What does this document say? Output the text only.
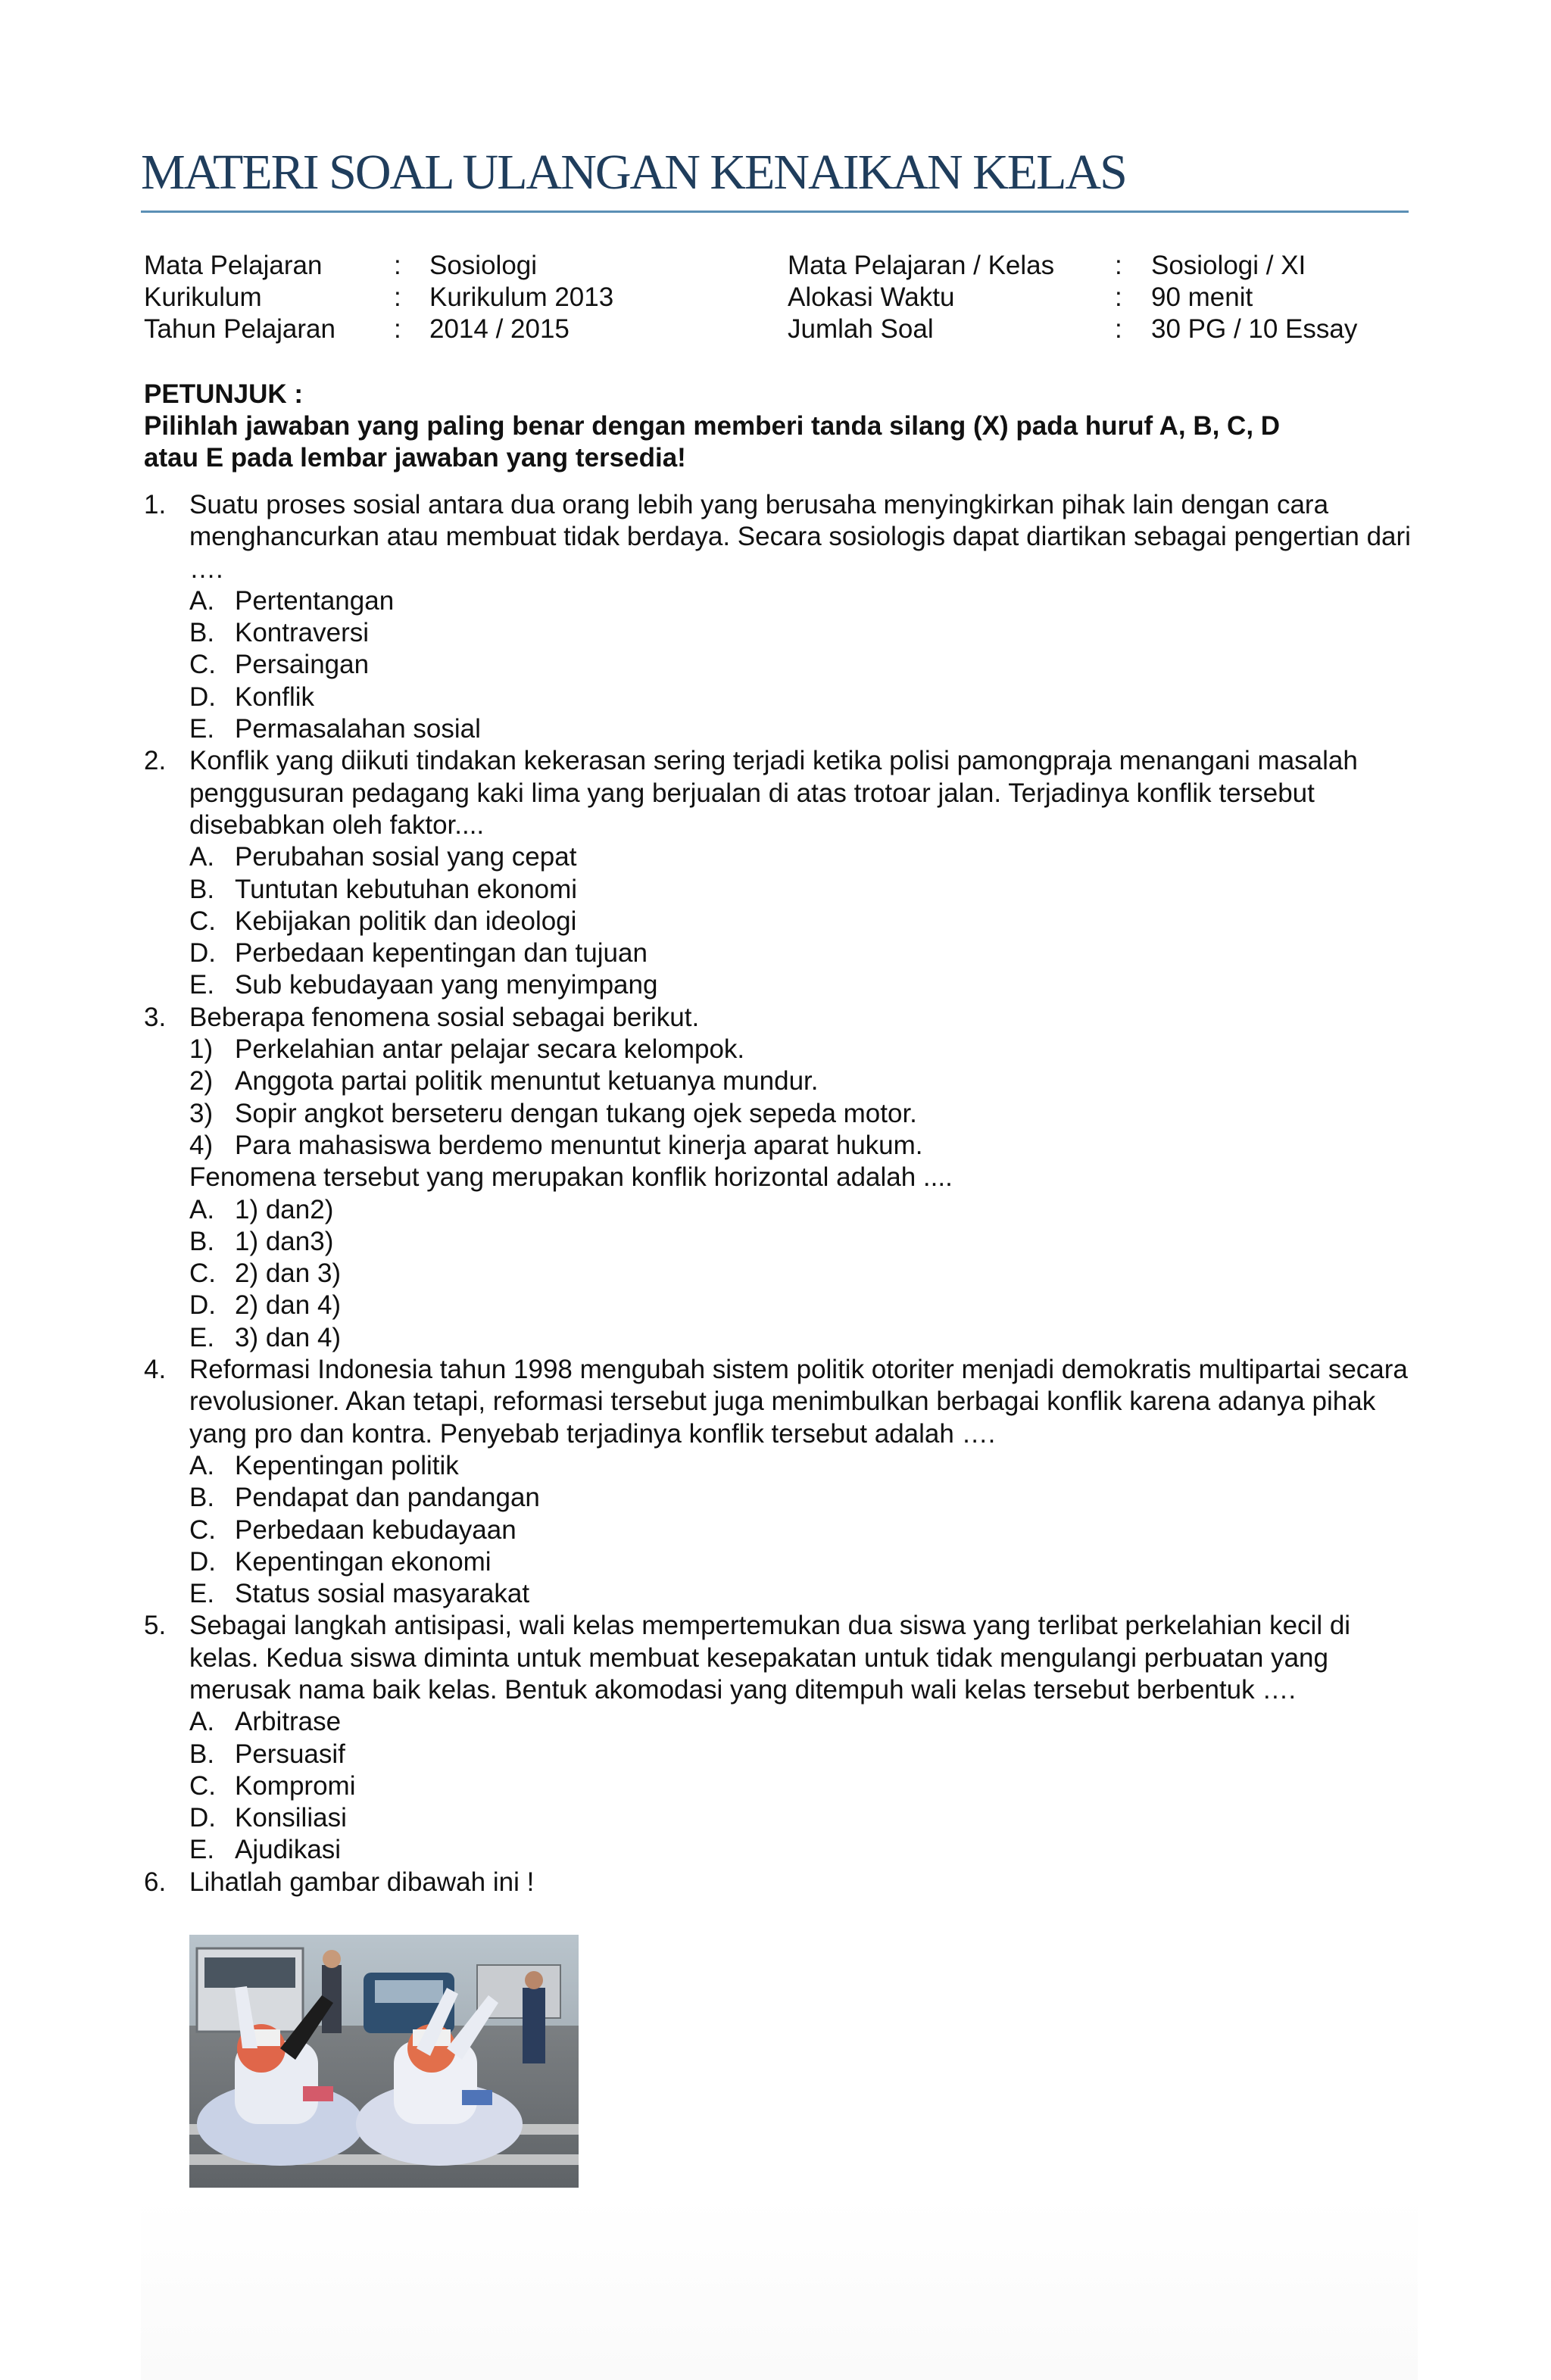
MATERI SOAL ULANGAN KENAIKAN KELAS
Mata Pelajaran	: Sosiologi
Kurikulum	: Kurikulum 2013
Tahun Pelajaran : 2014 / 2015
Mata Pelajaran / Kelas : Sosiologi / XI
Alokasi Waktu	: 90 menit
Jumlah Soal	: 30 PG / 10 Essay

PETUNJUK :

Pilihlah jawaban yang paling benar dengan memberi tanda silang (X) pada huruf A, B, C, D

atau E pada lembar jawaban yang tersedia!

1. Suatu proses sosial antara dua orang lebih yang berusaha menyingkirkan pihak lain dengan cara menghancurkan atau membuat tidak berdaya. Secara sosiologis dapat diartikan sebagai pengertian dari ….

A. Pertentangan
B. Kontraversi
C. Persaingan
D. Konflik
E. Permasalahan sosial
2. Konflik yang diikuti tindakan kekerasan sering terjadi ketika polisi pamongpraja menangani masalah penggusuran pedagang kaki lima yang berjualan di atas trotoar jalan. Terjadinya konflik tersebut disebabkan oleh faktor....

A. Perubahan sosial yang cepat
B. Tuntutan kebutuhan ekonomi
C. Kebijakan politik dan ideologi
D. Perbedaan kepentingan dan tujuan
E. Sub kebudayaan yang menyimpang
3. Beberapa fenomena sosial sebagai berikut.

1) Perkelahian antar pelajar secara kelompok.
2) Anggota partai politik menuntut ketuanya mundur.
3) Sopir angkot berseteru dengan tukang ojek sepeda motor.
4) Para mahasiswa berdemo menuntut kinerja aparat hukum.

Fenomena tersebut yang merupakan konflik horizontal adalah ....

A. 1) dan2)
B. 1) dan3)
C. 2) dan 3)
D. 2) dan 4)
E. 3) dan 4)
4. Reformasi Indonesia tahun 1998 mengubah sistem politik otoriter menjadi demokratis multipartai secara revolusioner. Akan tetapi, reformasi tersebut juga menimbulkan berbagai konflik karena adanya pihak yang pro dan kontra. Penyebab terjadinya konflik tersebut adalah ….

A. Kepentingan politik
B. Pendapat dan pandangan
C. Perbedaan kebudayaan
D. Kepentingan ekonomi
E. Status sosial masyarakat
5. Sebagai langkah antisipasi, wali kelas mempertemukan dua siswa yang terlibat perkelahian kecil di kelas. Kedua siswa diminta untuk membuat kesepakatan untuk tidak mengulangi perbuatan yang merusak nama baik kelas. Bentuk akomodasi yang ditempuh wali kelas tersebut berbentuk ….

A. Arbitrase
B. Persuasif
C. Kompromi
D. Konsiliasi
E. Ajudikasi
6. Lihatlah gambar dibawah ini !
